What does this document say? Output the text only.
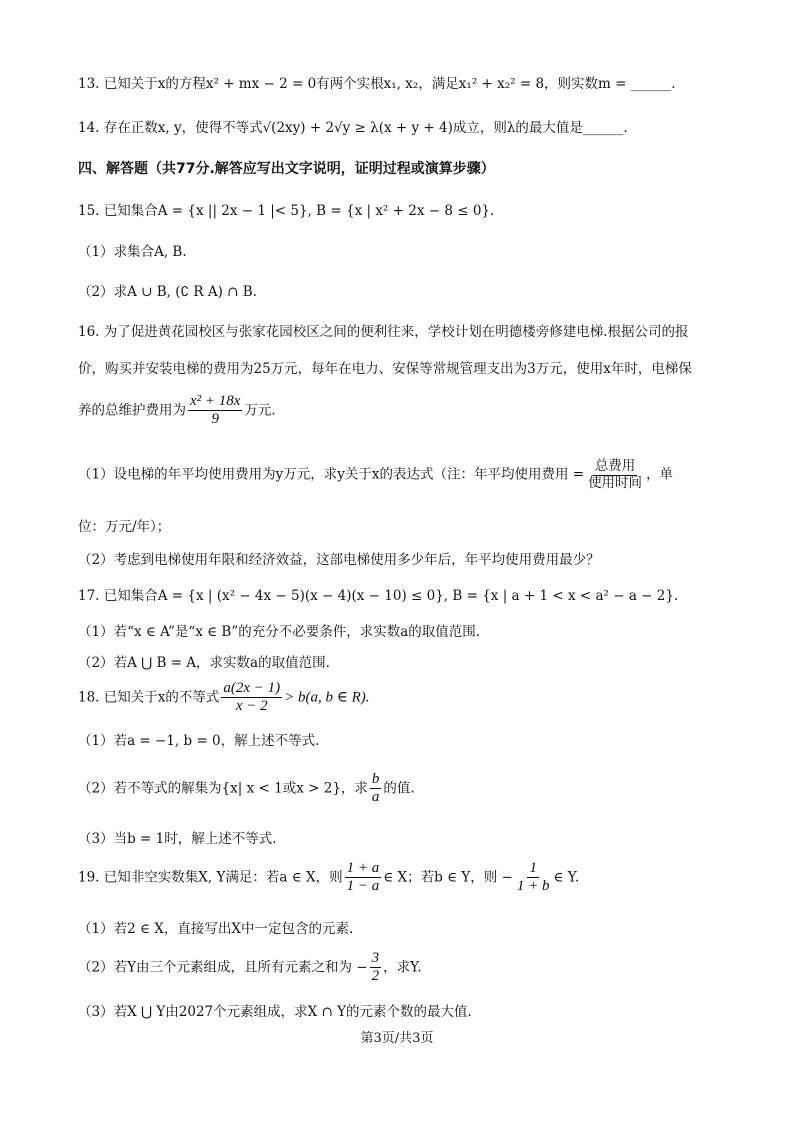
13. 已知关于x的方程x² + mx − 2 = 0有两个实根x₁, x₂，满足x₁² + x₂² = 8，则实数m = ______.
14. 存在正数x, y，使得不等式√(2xy) + 2√y ≥ λ(x + y + 4)成立，则λ的最大值是______.
四、解答题（共77分.解答应写出文字说明，证明过程或演算步骤）
15. 已知集合A = {x || 2x − 1 |< 5}, B = {x | x² + 2x − 8 ≤ 0}.
（1）求集合A, B.
（2）求A ∪ B, (∁ R A) ∩ B.
16. 为了促进黄花园校区与张家花园校区之间的便利往来，学校计划在明德楼旁修建电梯.根据公司的报
价，购买并安装电梯的费用为25万元，每年在电力、安保等常规管理支出为3万元，使用x年时，电梯保
养的总维护费用为 $\frac{\text{x² + 18x}}{9}$ 万元.
（1）设电梯的年平均使用费用为y万元，求y关于x的表达式（注：年平均使用费用 = $\frac{\text{总费用}}{\text{使用时间}}$ ，单
位：万元/年）；
（2）考虑到电梯使用年限和经济效益，这部电梯使用多少年后，年平均使用费用最少？
17. 已知集合A = {x | (x² − 4x − 5)(x − 4)(x − 10) ≤ 0}, B = {x | a + 1 < x < a² − a − 2}.
（1）若“x ∈ A”是“x ∈ B”的充分不必要条件，求实数a的取值范围.
（2）若A ⋃ B = A，求实数a的取值范围.
18. 已知关于x的不等式 $\frac{a(2x - 1)}{x - 2} > b(a$, b ∈ R).
（1）若a = −1, b = 0，解上述不等式.
（2）若不等式的解集为{x| x < 1或x > 2}，求 $\frac{b}{a}$ 的值.
（3）当b = 1时，解上述不等式.
19. 已知非空实数集X, Y满足：若a ∈ X，则 $\frac{1 + a}{1 - a}$ ∈ X；若b ∈ Y，则 − $\frac{1}{1 + b}$ ∈ Y.
（1）若2 ∈ X，直接写出X中一定包含的元素.
（2）若Y由三个元素组成，且所有元素之和为 − $\frac{3}{2}$ ，求Y.
（3）若X ⋃ Y由2027个元素组成，求X ∩ Y的元素个数的最大值.
第3页/共3页
